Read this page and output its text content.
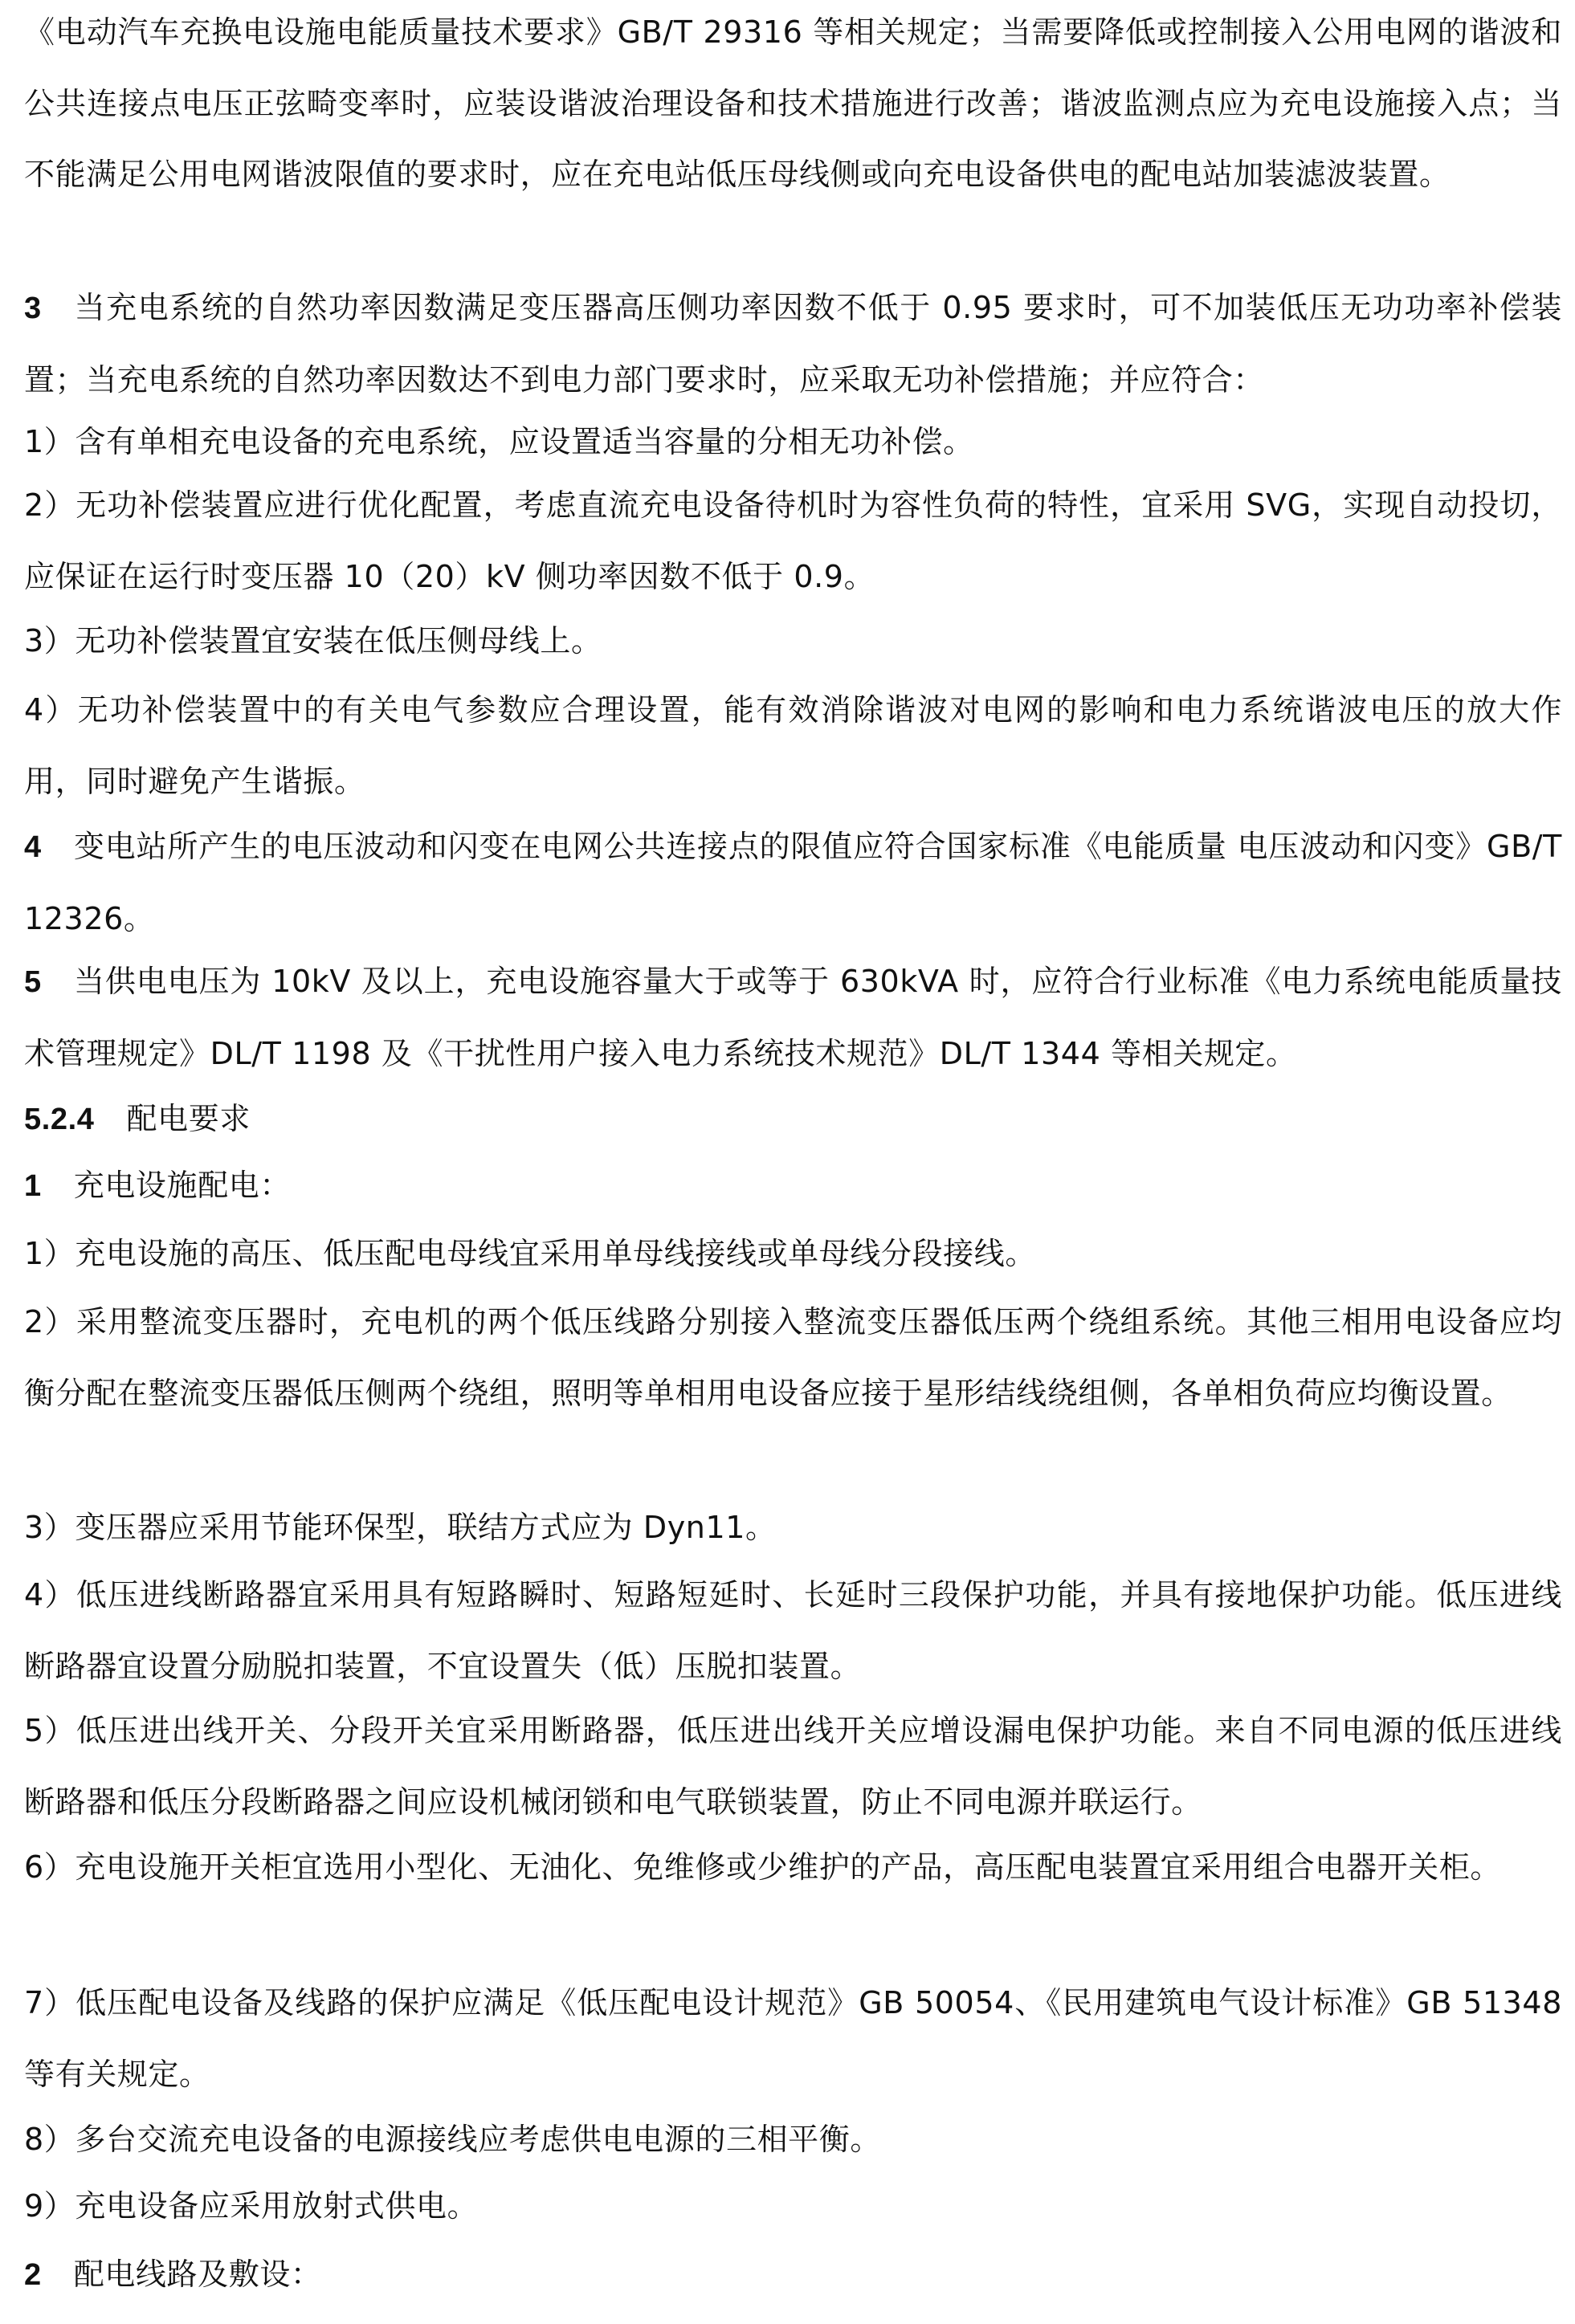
《电动汽车充换电设施电能质量技术要求》GB/T 29316 等相关规定；当需要降低或控制接入公用电网的谐波和公共连接点电压正弦畸变率时，应装设谐波治理设备和技术措施进行改善；谐波监测点应为充电设施接入点；当不能满足公用电网谐波限值的要求时，应在充电站低压母线侧或向充电设备供电的配电站加装滤波装置。

3 当充电系统的自然功率因数满足变压器高压侧功率因数不低于 0.95 要求时，可不加装低压无功功率补偿装置；当充电系统的自然功率因数达不到电力部门要求时，应采取无功补偿措施；并应符合：

1）含有单相充电设备的充电系统，应设置适当容量的分相无功补偿。

2）无功补偿装置应进行优化配置，考虑直流充电设备待机时为容性负荷的特性，宜采用 SVG，实现自动投切，应保证在运行时变压器 10（20）kV 侧功率因数不低于 0.9。

3）无功补偿装置宜安装在低压侧母线上。

4）无功补偿装置中的有关电气参数应合理设置，能有效消除谐波对电网的影响和电力系统谐波电压的放大作用，同时避免产生谐振。

4 变电站所产生的电压波动和闪变在电网公共连接点的限值应符合国家标准《电能质量 电压波动和闪变》GB/T 12326。

5 当供电电压为 10kV 及以上，充电设施容量大于或等于 630kVA 时，应符合行业标准《电力系统电能质量技术管理规定》DL/T 1198 及《干扰性用户接入电力系统技术规范》DL/T 1344 等相关规定。

5.2.4 配电要求

1 充电设施配电：

1）充电设施的高压、低压配电母线宜采用单母线接线或单母线分段接线。

2）采用整流变压器时，充电机的两个低压线路分别接入整流变压器低压两个绕组系统。其他三相用电设备应均衡分配在整流变压器低压侧两个绕组，照明等单相用电设备应接于星形结线绕组侧，各单相负荷应均衡设置。

3）变压器应采用节能环保型，联结方式应为 Dyn11。

4）低压进线断路器宜采用具有短路瞬时、短路短延时、长延时三段保护功能，并具有接地保护功能。低压进线断路器宜设置分励脱扣装置，不宜设置失（低）压脱扣装置。

5）低压进出线开关、分段开关宜采用断路器，低压进出线开关应增设漏电保护功能。来自不同电源的低压进线断路器和低压分段断路器之间应设机械闭锁和电气联锁装置，防止不同电源并联运行。

6）充电设施开关柜宜选用小型化、无油化、免维修或少维护的产品，高压配电装置宜采用组合电器开关柜。

7）低压配电设备及线路的保护应满足《低压配电设计规范》GB 50054、《民用建筑电气设计标准》GB 51348 等有关规定。

8）多台交流充电设备的电源接线应考虑供电电源的三相平衡。

9）充电设备应采用放射式供电。

2 配电线路及敷设：
